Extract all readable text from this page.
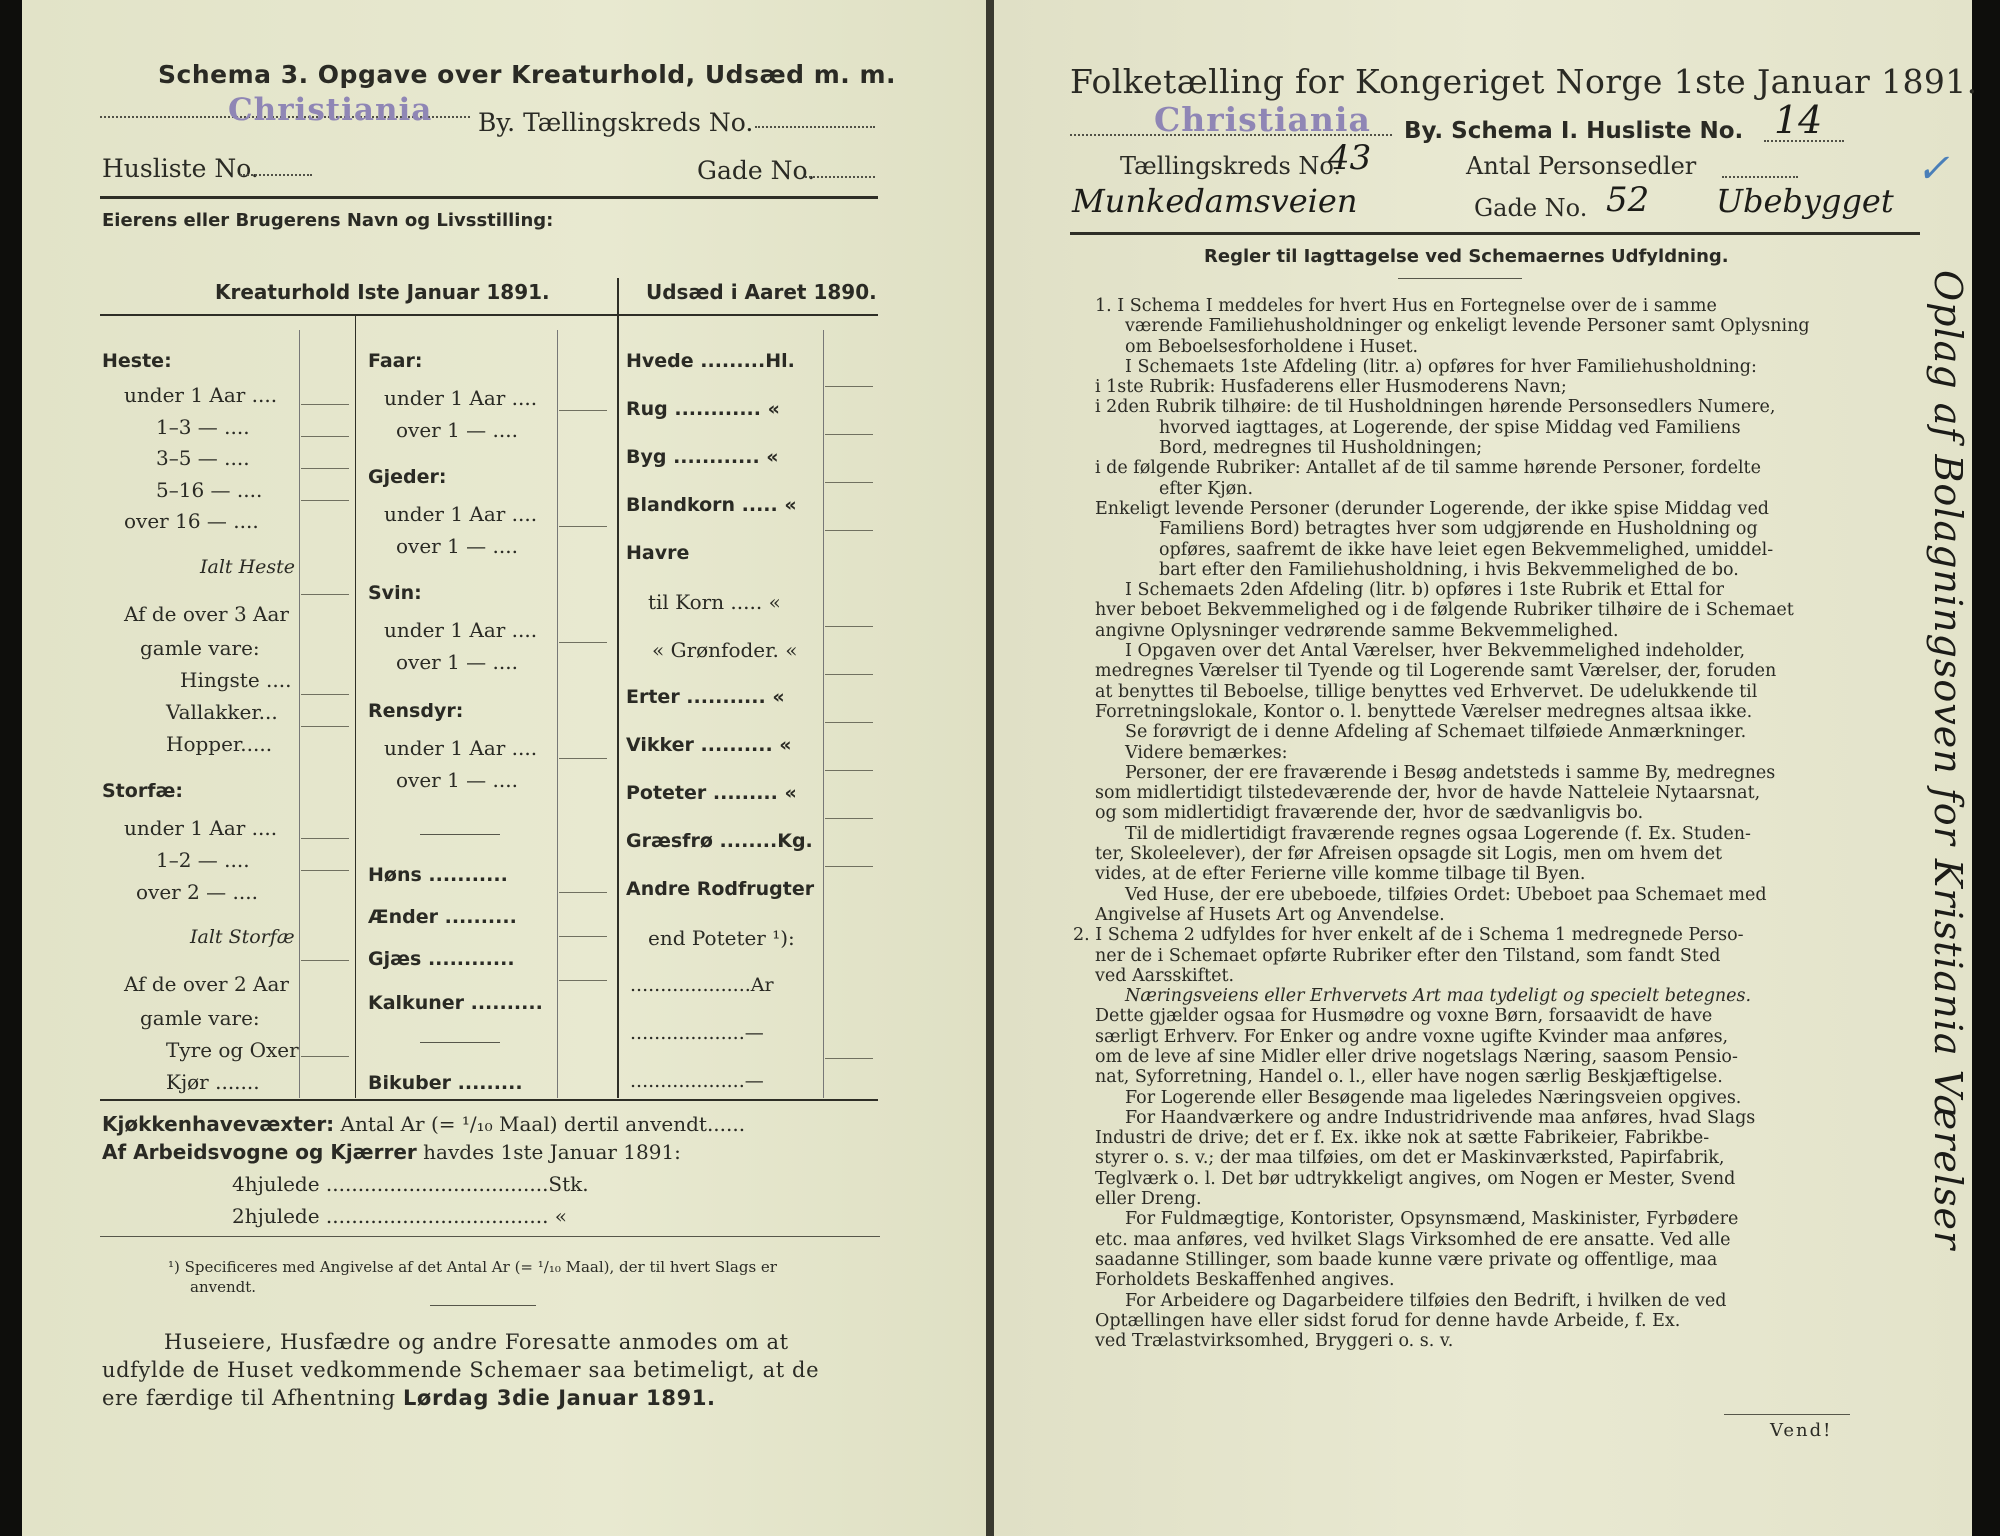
Schema 3. Opgave over Kreaturhold, Udsæd m. m.
Christiania By. Tællingskreds No.
Husliste No.	Gade No.
Eierens eller Brugerens Navn og Livsstilling:
Kreaturhold Iste Januar 1891.	Udsæd i Aaret 1890.
Heste:
under 1 Aar ....
1–3 — ....
3–5 — ....
5–16 — ....
over 16 — ....
Ialt Heste
Af de over 3 Aar
gamle vare:
Hingste ....
Vallakker...
Hopper.....
Storfæ:
under 1 Aar ....
1–2 — ....
over 2 — ....
Ialt Storfæ
Af de over 2 Aar
gamle vare:
Tyre og Oxer
Kjør .......
Faar:
under 1 Aar ....
over 1 — ....
Gjeder:
under 1 Aar ....
over 1 — ....
Svin:
under 1 Aar ....
over 1 — ....
Rensdyr:
under 1 Aar ....
over 1 — ....
Høns ...........
Ænder ..........
Gjæs ............
Kalkuner ..........
Bikuber .........
Hvede .........Hl.
Rug ............ «
Byg ............ «
Blandkorn ..... «
Havre
til Korn ..... «
« Grønfoder. «
Erter ........... «
Vikker .......... «
Poteter ......... «
Græsfrø ........Kg.
Andre Rodfrugter
end Poteter ¹):
....................Ar
...................—
...................—
Kjøkkenhavevæxter: Antal Ar (= ¹/₁₀ Maal) dertil anvendt......
Af Arbeidsvogne og Kjærrer havdes 1ste Januar 1891:
4hjulede ...................................Stk.
2hjulede ................................... «
¹) Specificeres med Angivelse af det Antal Ar (= ¹/₁₀ Maal), der til hvert Slags er
anvendt.
Huseiere, Husfædre og andre Foresatte anmodes om at
udfylde de Huset vedkommende Schemaer saa betimeligt, at de
ere færdige til Afhentning Lørdag 3die Januar 1891.
Folketælling for Kongeriget Norge 1ste Januar 1891.
Christiania By. Schema I. Husliste No. 14
Tællingskreds No.
43	Antal Personsedler	✓
Munkedamsveien	Gade No. 52 Ubebygget
Regler til Iagttagelse ved Schemaernes Udfyldning.

1. I Schema I meddeles for hvert Hus en Fortegnelse over de i samme

værende Familiehusholdninger og enkeligt levende Personer samt Oplysning

om Beboelsesforholdene i Huset.

I Schemaets 1ste Afdeling (litr. a) opføres for hver Familiehusholdning:

i 1ste Rubrik: Husfaderens eller Husmoderens Navn;

i 2den Rubrik tilhøire: de til Husholdningen hørende Personsedlers Numere,

hvorved iagttages, at Logerende, der spise Middag ved Familiens

Bord, medregnes til Husholdningen;

i de følgende Rubriker: Antallet af de til samme hørende Personer, fordelte

efter Kjøn.

Enkeligt levende Personer (derunder Logerende, der ikke spise Middag ved

Familiens Bord) betragtes hver som udgjørende en Husholdning og

opføres, saafremt de ikke have leiet egen Bekvemmelighed, umiddel-

bart efter den Familiehusholdning, i hvis Bekvemmelighed de bo.

I Schemaets 2den Afdeling (litr. b) opføres i 1ste Rubrik et Ettal for

hver beboet Bekvemmelighed og i de følgende Rubriker tilhøire de i Schemaet

angivne Oplysninger vedrørende samme Bekvemmelighed.

I Opgaven over det Antal Værelser, hver Bekvemmelighed indeholder,

medregnes Værelser til Tyende og til Logerende samt Værelser, der, foruden

at benyttes til Beboelse, tillige benyttes ved Erhvervet. De udelukkende til

Forretningslokale, Kontor o. l. benyttede Værelser medregnes altsaa ikke.

Se forøvrigt de i denne Afdeling af Schemaet tilføiede Anmærkninger.

Videre bemærkes:

Personer, der ere fraværende i Besøg andetsteds i samme By, medregnes

som midlertidigt tilstedeværende der, hvor de havde Natteleie Nytaarsnat,

og som midlertidigt fraværende der, hvor de sædvanligvis bo.

Til de midlertidigt fraværende regnes ogsaa Logerende (f. Ex. Studen-

ter, Skoleelever), der før Afreisen opsagde sit Logis, men om hvem det

vides, at de efter Ferierne ville komme tilbage til Byen.

Ved Huse, der ere ubeboede, tilføies Ordet: Ubeboet paa Schemaet med

Angivelse af Husets Art og Anvendelse.

2. I Schema 2 udfyldes for hver enkelt af de i Schema 1 medregnede Perso-

ner de i Schemaet opførte Rubriker efter den Tilstand, som fandt Sted

ved Aarsskiftet.

Næringsveiens eller Erhvervets Art maa tydeligt og specielt betegnes.

Dette gjælder ogsaa for Husmødre og voxne Børn, forsaavidt de have

særligt Erhverv. For Enker og andre voxne ugifte Kvinder maa anføres,

om de leve af sine Midler eller drive nogetslags Næring, saasom Pensio-

nat, Syforretning, Handel o. l., eller have nogen særlig Beskjæftigelse.

For Logerende eller Besøgende maa ligeledes Næringsveien opgives.

For Haandværkere og andre Industridrivende maa anføres, hvad Slags

Industri de drive; det er f. Ex. ikke nok at sætte Fabrikeier, Fabrikbe-

styrer o. s. v.; der maa tilføies, om det er Maskinværksted, Papirfabrik,

Teglværk o. l. Det bør udtrykkeligt angives, om Nogen er Mester, Svend

eller Dreng.

For Fuldmægtige, Kontorister, Opsynsmænd, Maskinister, Fyrbødere

etc. maa anføres, ved hvilket Slags Virksomhed de ere ansatte. Ved alle

saadanne Stillinger, som baade kunne være private og offentlige, maa

Forholdets Beskaffenhed angives.

For Arbeidere og Dagarbeidere tilføies den Bedrift, i hvilken de ved

Optællingen have eller sidst forud for denne havde Arbeide, f. Ex.

ved Trælastvirksomhed, Bryggeri o. s. v.

Vend!
Oplag af Bolagningsoven for Kristiania Værelser
